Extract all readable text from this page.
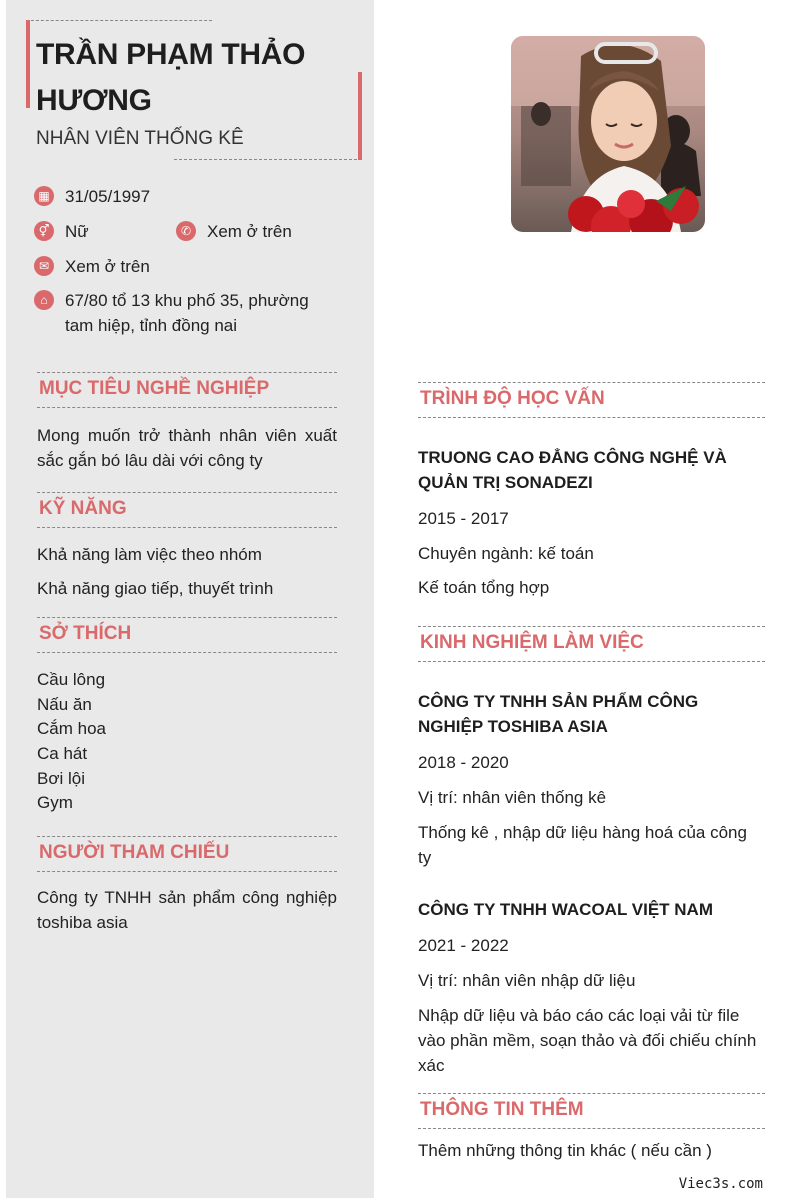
TRẦN PHẠM THẢO HƯƠNG
NHÂN VIÊN THỐNG KÊ
▦ 31/05/1997
⚥ Nữ	✆ Xem ở trên
✉ Xem ở trên
⌂	67/80 tổ 13 khu phố 35, phường
tam hiệp, tỉnh đồng nai
MỤC TIÊU NGHỀ NGHIỆP
Mong muốn trở thành nhân viên xuất sắc gắn bó lâu dài với công ty
KỸ NĂNG
Khả năng làm việc theo nhóm
Khả năng giao tiếp, thuyết trình
SỞ THÍCH
Cầu lông
Nấu ăn
Cắm hoa
Ca hát
Bơi lội
Gym
NGƯỜI THAM CHIẾU
Công ty TNHH sản phẩm công nghiệp toshiba asia
TRÌNH ĐỘ HỌC VẤN
TRUONG CAO ĐẲNG CÔNG NGHỆ VÀ QUẢN TRỊ SONADEZI
2015 - 2017
Chuyên ngành: kế toán
Kế toán tổng hợp
KINH NGHIỆM LÀM VIỆC
CÔNG TY TNHH SẢN PHẨM CÔNG NGHIỆP TOSHIBA ASIA
2018 - 2020
Vị trí: nhân viên thống kê
Thống kê , nhập dữ liệu hàng hoá của công ty
CÔNG TY TNHH WACOAL VIỆT NAM
2021 - 2022
Vị trí: nhân viên nhập dữ liệu
Nhập dữ liệu và báo cáo các loại vải từ file vào phần mềm, soạn thảo và đối chiếu chính xác
THÔNG TIN THÊM
Thêm những thông tin khác ( nếu cần )
Viec3s.com
